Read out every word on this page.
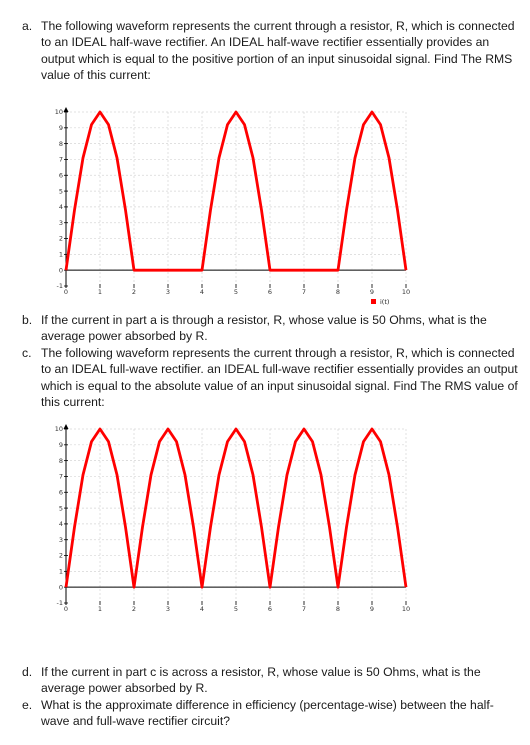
a. The following waveform represents the current through a resistor, R, which is connected to an IDEAL half-wave rectifier. An IDEAL half-wave rectifier essentially provides an output which is equal to the positive portion of an input sinusoidal signal. Find The RMS value of this current:
-1
0
1
2
3
4
5
6
7
8
9
10
0	1	2	3	4	5	6	7	8	9	10
i(t)
b. If the current in part a is through a resistor, R, whose value is 50 Ohms, what is the average power absorbed by R.
c. The following waveform represents the current through a resistor, R, which is connected to an IDEAL full-wave rectifier. an IDEAL full-wave rectifier essentially provides an output which is equal to the absolute value of an input sinusoidal signal. Find The RMS value of this current:
-1
0
1
2
3
4
5
6
7
8
9
10
0	1	2	3	4	5	6	7	8	9	10
d. If the current in part c is across a resistor, R, whose value is 50 Ohms, what is the average power absorbed by R.
e. What is the approximate difference in efficiency (percentage-wise) between the half-wave and full-wave rectifier circuit?
